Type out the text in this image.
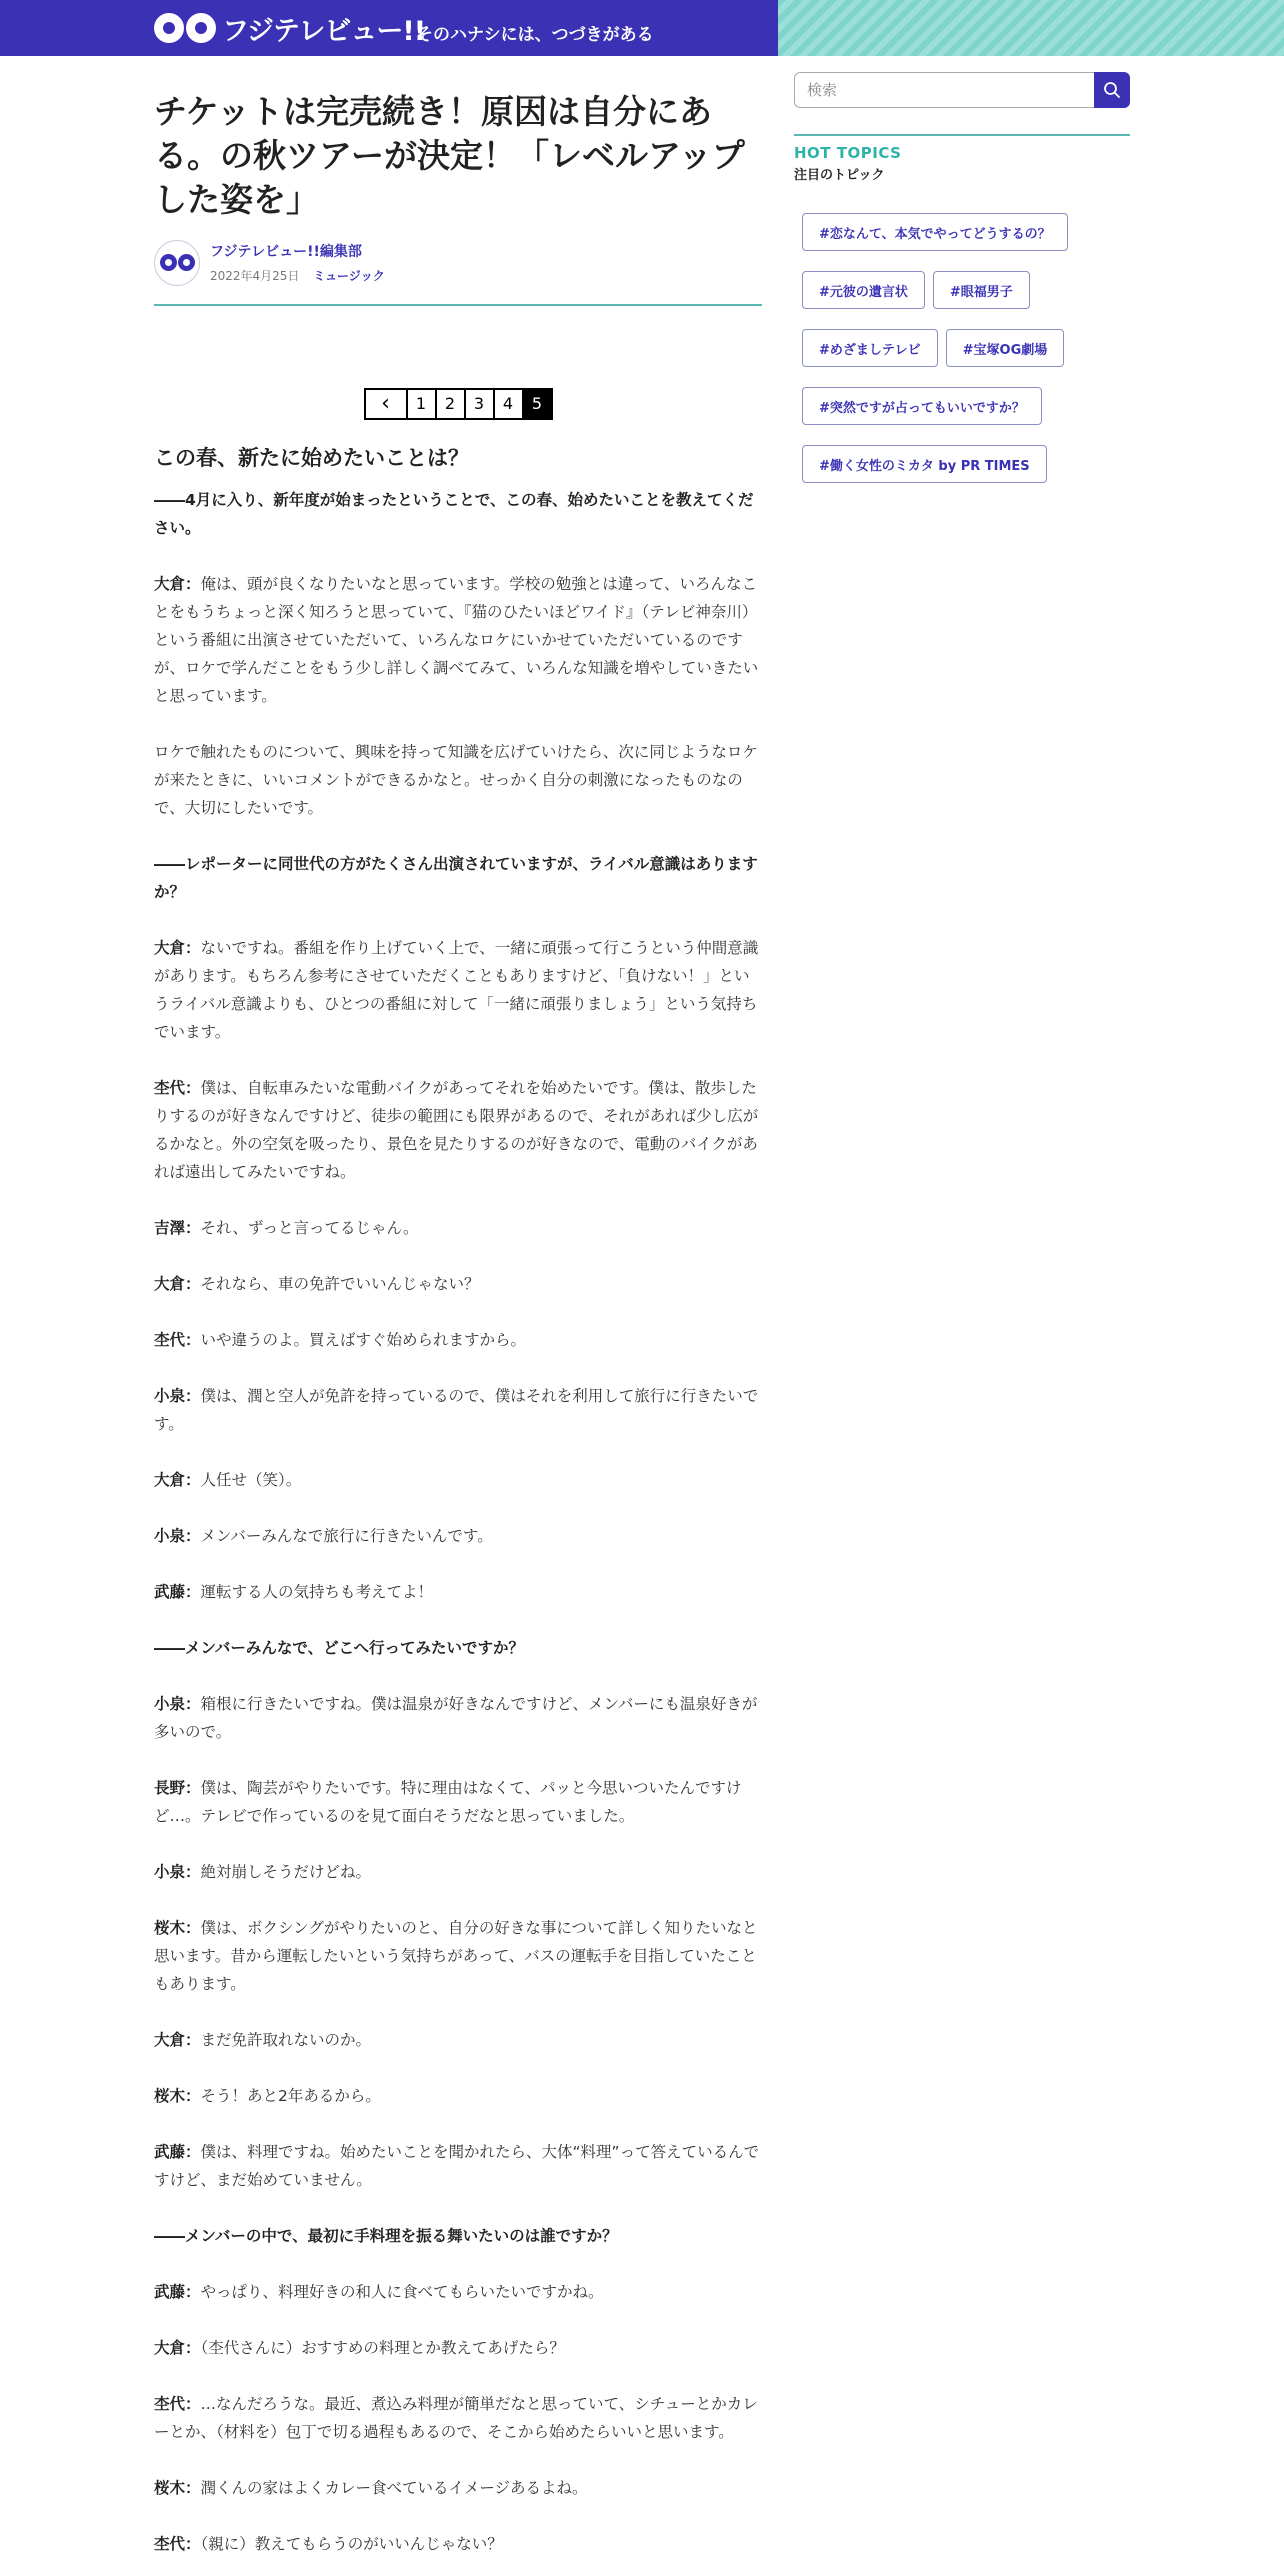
フジテレビュー!!
そのハナシには、つづきがある
チケットは完売続き！原因は自分にある。の秋ツアーが決定！「レベルアップした姿を」
フジテレビュー!!編集部
2022年4月25日 ミュージック
‹	1	2	3	4	5
この春、新たに始めたいことは？

――4月に入り、新年度が始まったということで、この春、始めたいことを教えてください。

大倉：俺は、頭が良くなりたいなと思っています。学校の勉強とは違って、いろんなことをもうちょっと深く知ろうと思っていて、『猫のひたいほどワイド』（テレビ神奈川）という番組に出演させていただいて、いろんなロケにいかせていただいているのですが、ロケで学んだことをもう少し詳しく調べてみて、いろんな知識を増やしていきたいと思っています。

ロケで触れたものについて、興味を持って知識を広げていけたら、次に同じようなロケが来たときに、いいコメントができるかなと。せっかく自分の刺激になったものなので、大切にしたいです。

――レポーターに同世代の方がたくさん出演されていますが、ライバル意識はありますか？

大倉：ないですね。番組を作り上げていく上で、一緒に頑張って行こうという仲間意識があります。もちろん参考にさせていただくこともありますけど、「負けない！」というライバル意識よりも、ひとつの番組に対して「一緒に頑張りましょう」という気持ちでいます。

杢代：僕は、自転車みたいな電動バイクがあってそれを始めたいです。僕は、散歩したりするのが好きなんですけど、徒歩の範囲にも限界があるので、それがあれば少し広がるかなと。外の空気を吸ったり、景色を見たりするのが好きなので、電動のバイクがあれば遠出してみたいですね。

吉澤：それ、ずっと言ってるじゃん。

大倉：それなら、車の免許でいいんじゃない？

杢代：いや違うのよ。買えばすぐ始められますから。

小泉：僕は、潤と空人が免許を持っているので、僕はそれを利用して旅行に行きたいです。

大倉：人任せ（笑）。

小泉：メンバーみんなで旅行に行きたいんです。

武藤：運転する人の気持ちも考えてよ！

――メンバーみんなで、どこへ行ってみたいですか？

小泉：箱根に行きたいですね。僕は温泉が好きなんですけど、メンバーにも温泉好きが多いので。

長野：僕は、陶芸がやりたいです。特に理由はなくて、パッと今思いついたんですけど…。テレビで作っているのを見て面白そうだなと思っていました。

小泉：絶対崩しそうだけどね。

桜木：僕は、ボクシングがやりたいのと、自分の好きな事について詳しく知りたいなと思います。昔から運転したいという気持ちがあって、バスの運転手を目指していたこともあります。

大倉：まだ免許取れないのか。

桜木：そう！あと2年あるから。

武藤：僕は、料理ですね。始めたいことを聞かれたら、大体“料理”って答えているんですけど、まだ始めていません。

――メンバーの中で、最初に手料理を振る舞いたいのは誰ですか？

武藤：やっぱり、料理好きの和人に食べてもらいたいですかね。

大倉：（杢代さんに）おすすめの料理とか教えてあげたら？

杢代：…なんだろうな。最近、煮込み料理が簡単だなと思っていて、シチューとかカレーとか、（材料を）包丁で切る過程もあるので、そこから始めたらいいと思います。

桜木：潤くんの家はよくカレー食べているイメージあるよね。

杢代：（親に）教えてもらうのがいいんじゃない？

検索
HOT TOPICS
注目のトピック
#恋なんて、本気でやってどうするの？
#元彼の遺言状	#眼福男子
#めざましテレビ	#宝塚OG劇場
#突然ですが占ってもいいですか？
#働く女性のミカタ by PR TIMES
